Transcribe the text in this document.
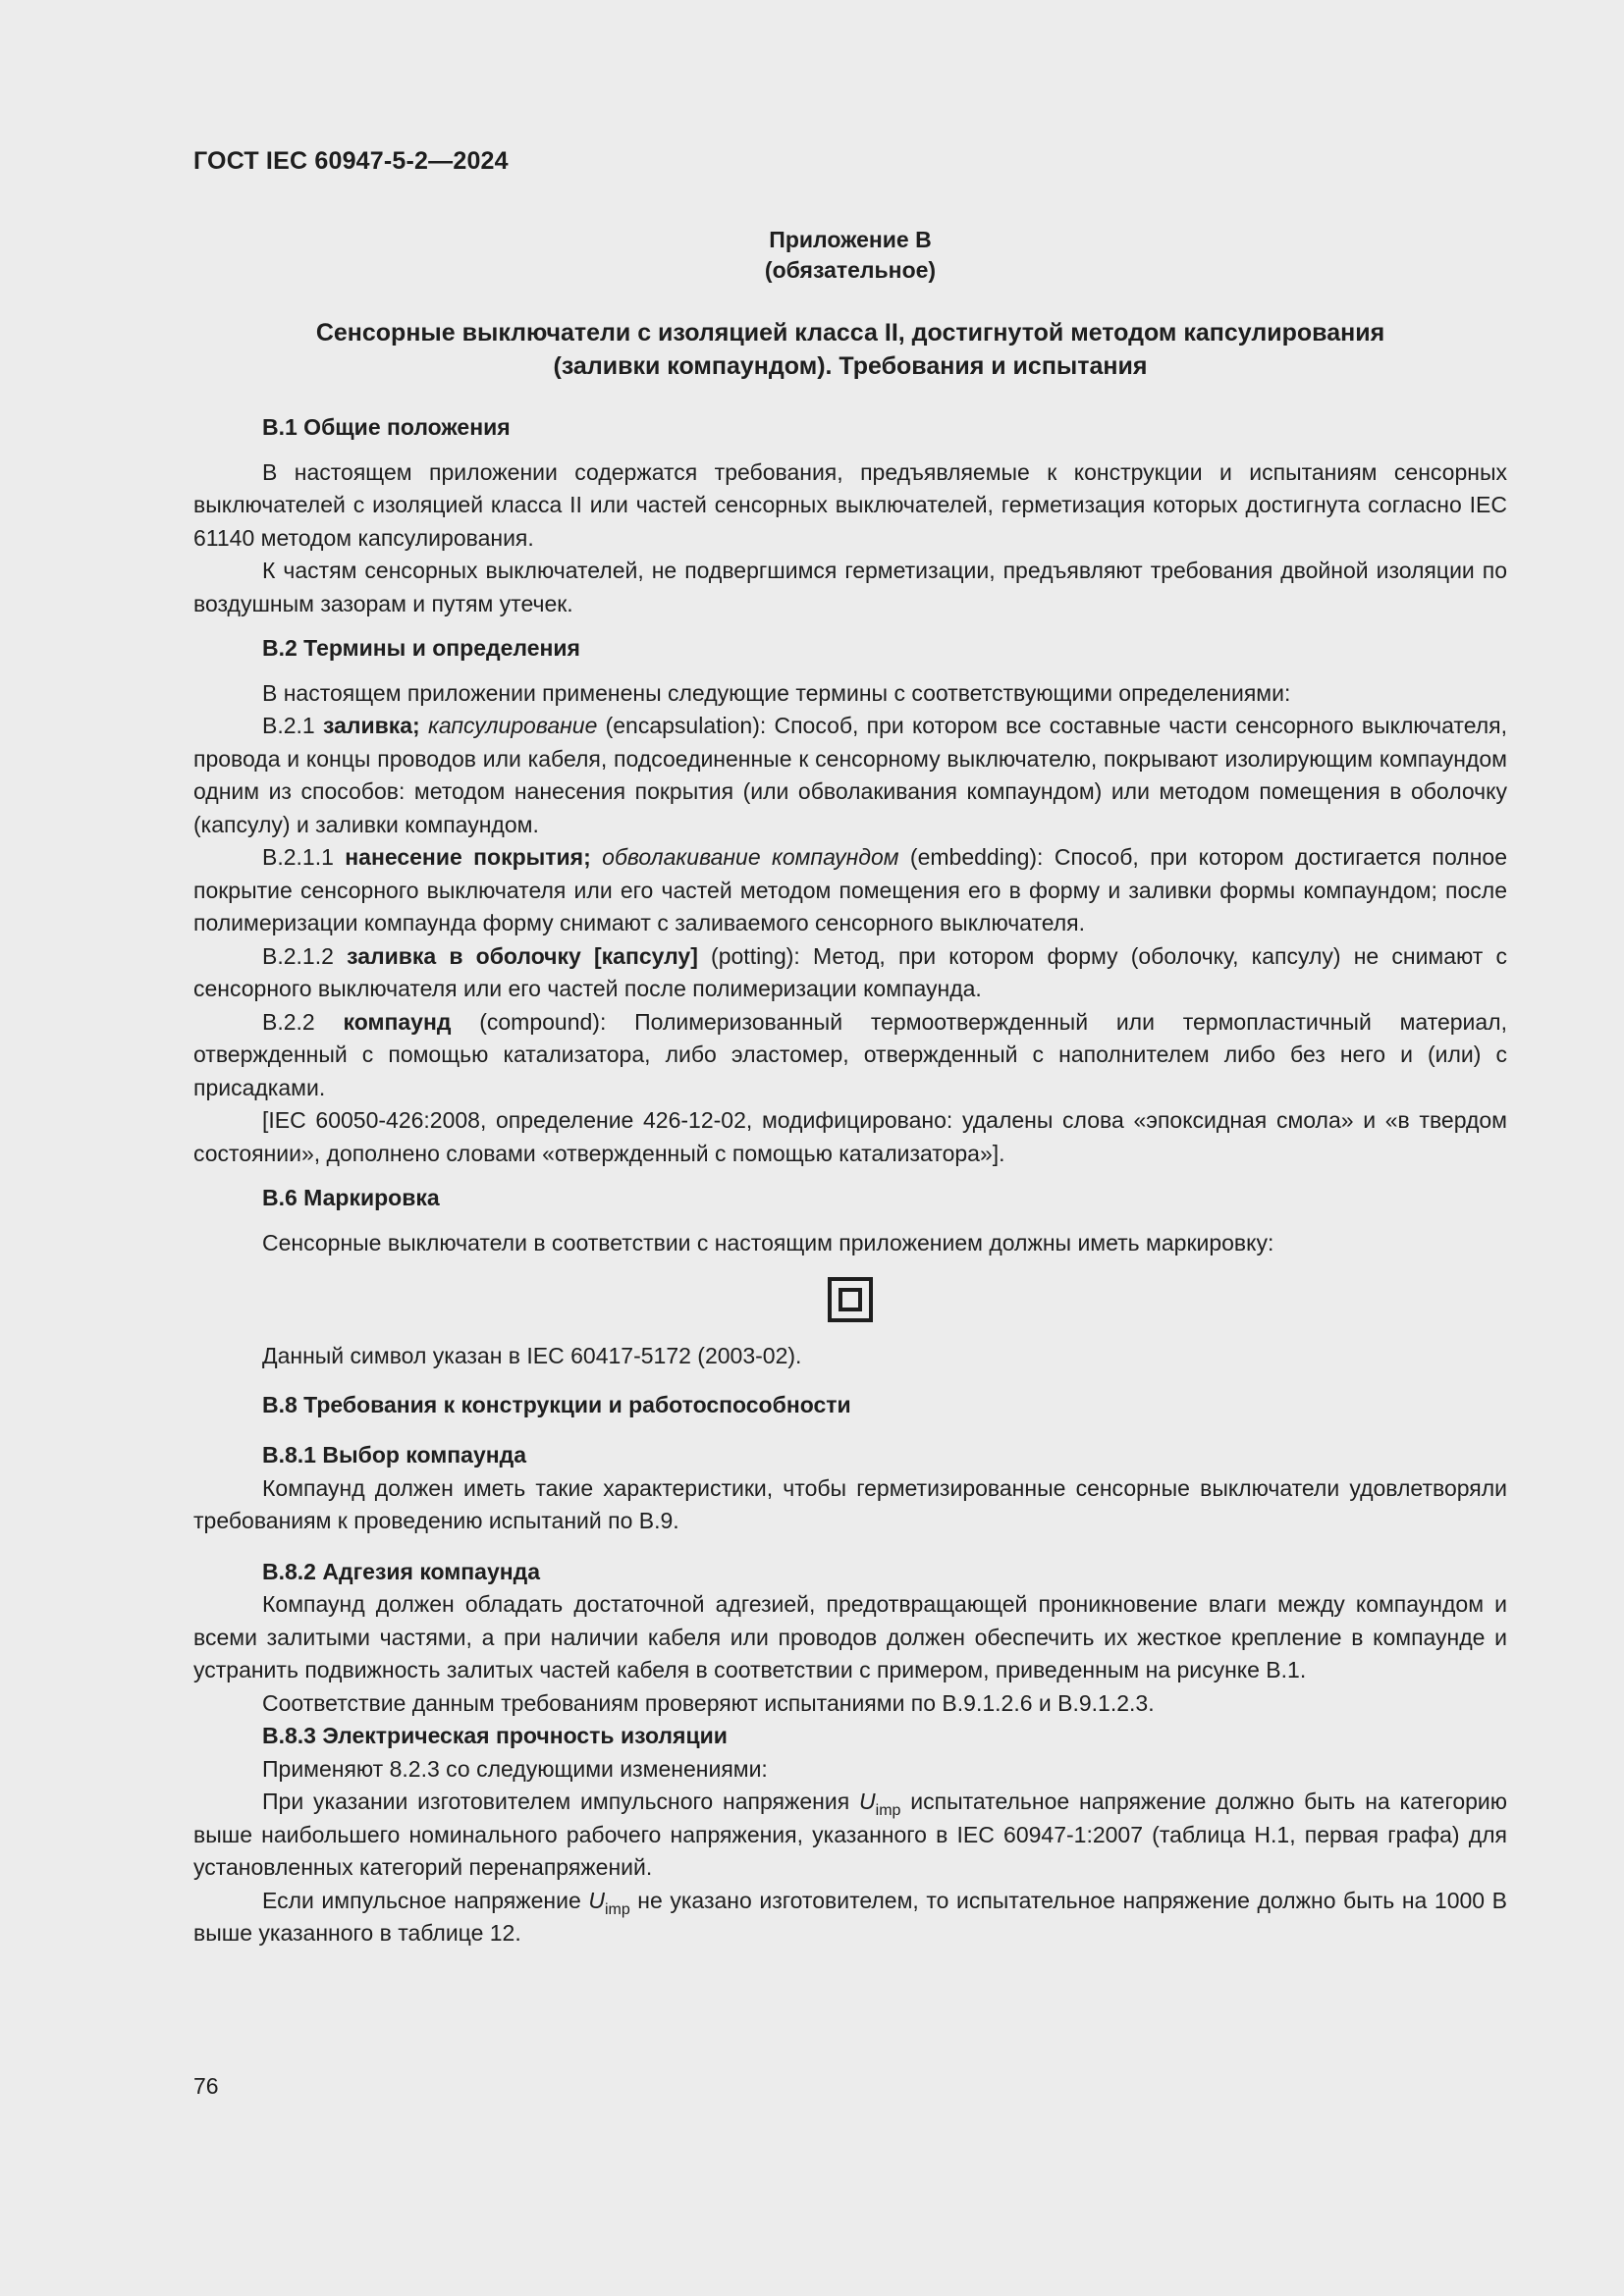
ГОСТ IEC 60947-5-2—2024
Приложение В
(обязательное)
Сенсорные выключатели с изоляцией класса II, достигнутой методом капсулирования
(заливки компаундом). Требования и испытания

В.1 Общие положения

В настоящем приложении содержатся требования, предъявляемые к конструкции и испытаниям сенсорных выключателей с изоляцией класса II или частей сенсорных выключателей, герметизация которых достигнута согласно IEC 61140 методом капсулирования.

К частям сенсорных выключателей, не подвергшимся герметизации, предъявляют требования двойной изоляции по воздушным зазорам и путям утечек.

В.2 Термины и определения

В настоящем приложении применены следующие термины с соответствующими определениями:

В.2.1 заливка; капсулирование (encapsulation): Способ, при котором все составные части сенсорного выключателя, провода и концы проводов или кабеля, подсоединенные к сенсорному выключателю, покрывают изолирующим компаундом одним из способов: методом нанесения покрытия (или обволакивания компаундом) или методом помещения в оболочку (капсулу) и заливки компаундом.

В.2.1.1 нанесение покрытия; обволакивание компаундом (embedding): Способ, при котором достигается полное покрытие сенсорного выключателя или его частей методом помещения его в форму и заливки формы компаундом; после полимеризации компаунда форму снимают с заливаемого сенсорного выключателя.

В.2.1.2 заливка в оболочку [капсулу] (potting): Метод, при котором форму (оболочку, капсулу) не снимают с сенсорного выключателя или его частей после полимеризации компаунда.

В.2.2 компаунд (compound): Полимеризованный термоотвержденный или термопластичный материал, отвержденный с помощью катализатора, либо эластомер, отвержденный с наполнителем либо без него и (или) с присадками.

[IEC 60050-426:2008, определение 426-12-02, модифицировано: удалены слова «эпоксидная смола» и «в твердом состоянии», дополнено словами «отвержденный с помощью катализатора»].

В.6 Маркировка

Сенсорные выключатели в соответствии с настоящим приложением должны иметь маркировку:

Данный символ указан в IEC 60417-5172 (2003-02).

В.8 Требования к конструкции и работоспособности

В.8.1 Выбор компаунда

Компаунд должен иметь такие характеристики, чтобы герметизированные сенсорные выключатели удовлетворяли требованиям к проведению испытаний по В.9.

В.8.2 Адгезия компаунда

Компаунд должен обладать достаточной адгезией, предотвращающей проникновение влаги между компаундом и всеми залитыми частями, а при наличии кабеля или проводов должен обеспечить их жесткое крепление в компаунде и устранить подвижность залитых частей кабеля в соответствии с примером, приведенным на рисунке В.1.

Соответствие данным требованиям проверяют испытаниями по В.9.1.2.6 и В.9.1.2.3.

В.8.3 Электрическая прочность изоляции

Применяют 8.2.3 со следующими изменениями:

При указании изготовителем импульсного напряжения $U_{imp}$ испытательное напряжение должно быть на категорию выше наибольшего номинального рабочего напряжения, указанного в IEC 60947-1:2007 (таблица Н.1, первая графа) для установленных категорий перенапряжений.

Если импульсное напряжение $U_{imp}$ не указано изготовителем, то испытательное напряжение должно быть на 1000 В выше указанного в таблице 12.

76
